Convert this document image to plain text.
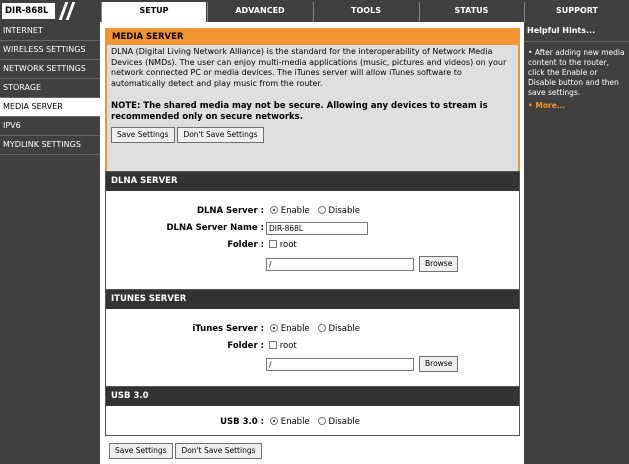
DIR-868L	SETUP	ADVANCED	TOOLS	STATUS	SUPPORT
INTERNET
WIRELESS SETTINGS
NETWORK SETTINGS
STORAGE
MEDIA SERVER
IPV6
MYDLINK SETTINGS
MEDIA SERVER

DLNA (Digital Living Network Alliance) is the standard for the interoperability of Network Media Devices (NMDs). The user can enjoy multi-media applications (music, pictures and videos) on your network connected PC or media devices. The iTunes server will allow iTunes software to automatically detect and play music from the router.

NOTE: The shared media may not be secure. Allowing any devices to stream is recommended only on secure networks.

Save Settings Don't Save Settings
DLNA SERVER
DLNA Server :	Enable Disable
DLNA Server Name : DIR-868L
Folder :	root
/	Browse
ITUNES SERVER
iTunes Server :	Enable Disable
Folder :	root
/	Browse
USB 3.0
USB 3.0 :	Enable Disable
Save Settings Don't Save Settings
Helpful Hints...
• After adding new media content to the router, click the Enable or Disable button and then save settings.
• More...
